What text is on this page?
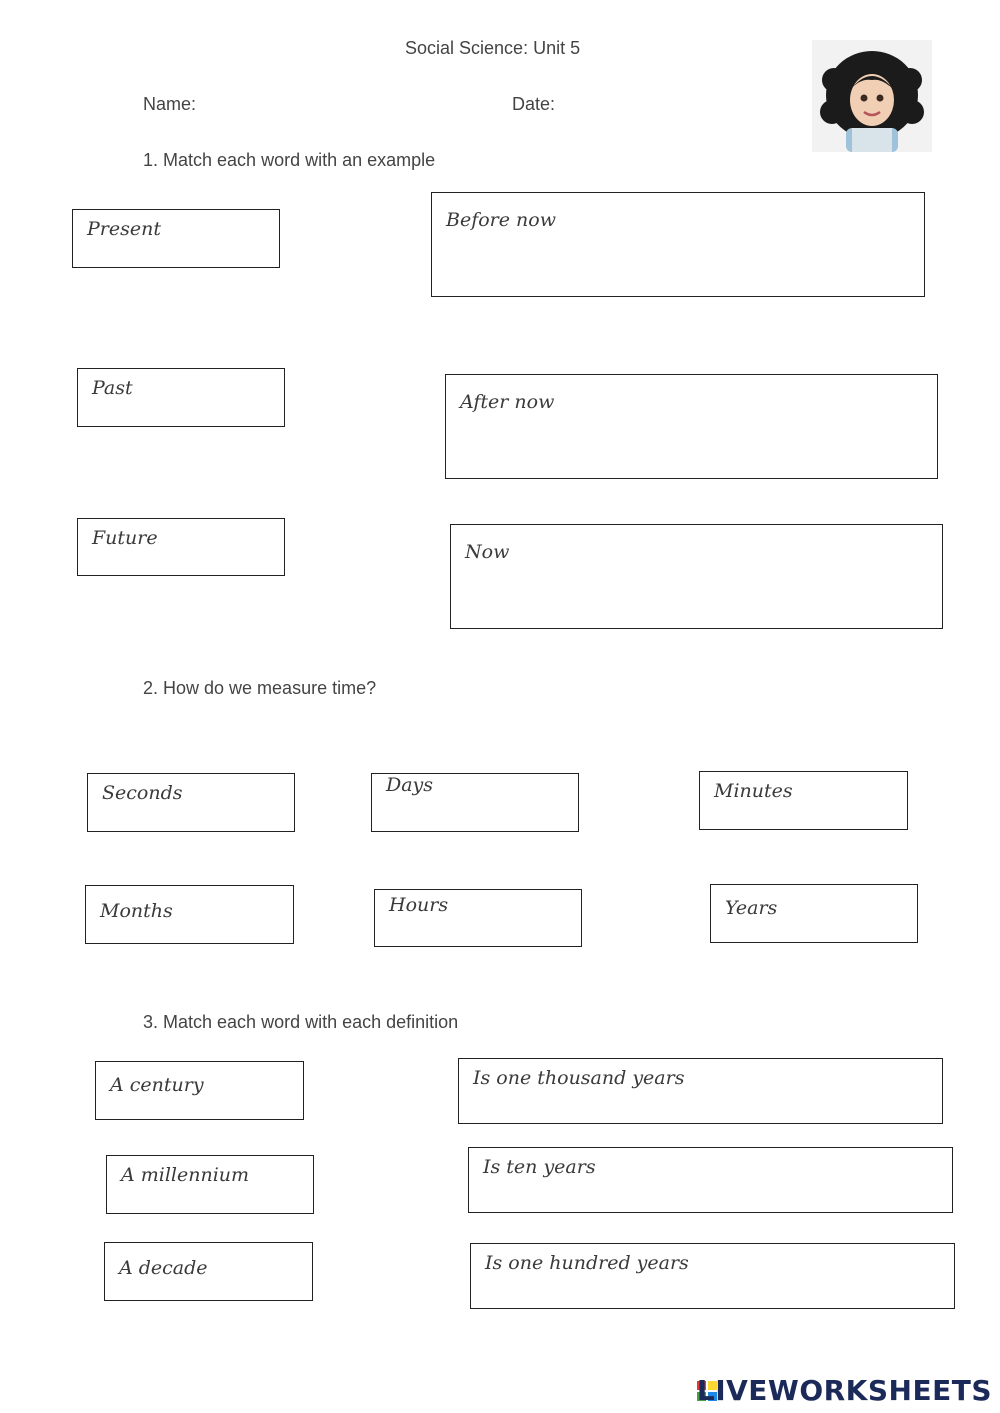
Social Science: Unit 5
Name:	Date:
1. Match each word with an example
Present
Past
Future
Before now
After now
Now
2. How do we measure time?
Seconds	Days	Minutes
Months	Hours	Years
3. Match each word with each definition
A century
A millennium
A decade
Is one thousand years
Is ten years
Is one hundred years
LIVEWORKSHEETS
